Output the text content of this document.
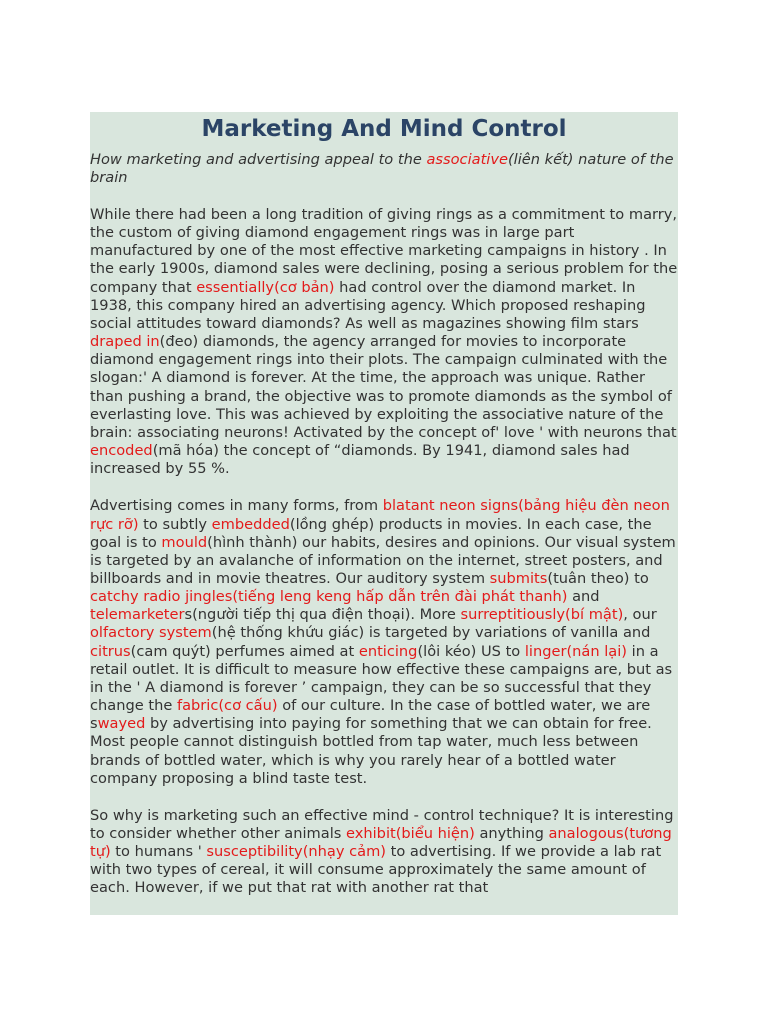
Marketing And Mind Control

How marketing and advertising appeal to the associative(liên kết) nature of the brain

While there had been a long tradition of giving rings as a commitment to marry, the custom of giving diamond engagement rings was in large part manufactured by one of the most effective marketing campaigns in history . In the early 1900s, diamond sales were declining, posing a serious problem for the company that essentially(cơ bản) had control over the diamond market. In 1938, this company hired an advertising agency. Which proposed reshaping social attitudes toward diamonds? As well as magazines showing film stars draped in(đeo) diamonds, the agency arranged for movies to incorporate diamond engagement rings into their plots. The campaign culminated with the slogan:' A diamond is forever. At the time, the approach was unique. Rather than pushing a brand, the objective was to promote diamonds as the symbol of everlasting love. This was achieved by exploiting the associative nature of the brain: associating neurons! Activated by the concept of' love ' with neurons that encoded(mã hóa) the concept of “diamonds. By 1941, diamond sales had increased by 55 %.

Advertising comes in many forms, from blatant neon signs(bảng hiệu đèn neon rực rỡ) to subtly embedded(lồng ghép) products in movies. In each case, the goal is to mould(hình thành) our habits, desires and opinions. Our visual system is targeted by an avalanche of information on the internet, street posters, and billboards and in movie theatres. Our auditory system submits(tuân theo) to catchy radio jingles(tiếng leng keng hấp dẫn trên đài phát thanh) and telemarketers(người tiếp thị qua điện thoại). More surreptitiously(bí mật), our olfactory system(hệ thống khứu giác) is targeted by variations of vanilla and citrus(cam quýt) perfumes aimed at enticing(lôi kéo) US to linger(nán lại) in a retail outlet. It is difficult to measure how effective these campaigns are, but as in the ' A diamond is forever ’ campaign, they can be so successful that they change the fabric(cơ cấu) of our culture. In the case of bottled water, we are swayed by advertising into paying for something that we can obtain for free. Most people cannot distinguish bottled from tap water, much less between brands of bottled water, which is why you rarely hear of a bottled water company proposing a blind taste test.

So why is marketing such an effective mind - control technique? It is interesting to consider whether other animals exhibit(biểu hiện) anything analogous(tương tự) to humans ' susceptibility(nhạy cảm) to advertising. If we provide a lab rat with two types of cereal, it will consume approximately the same amount of each. However, if we put that rat with another rat that
